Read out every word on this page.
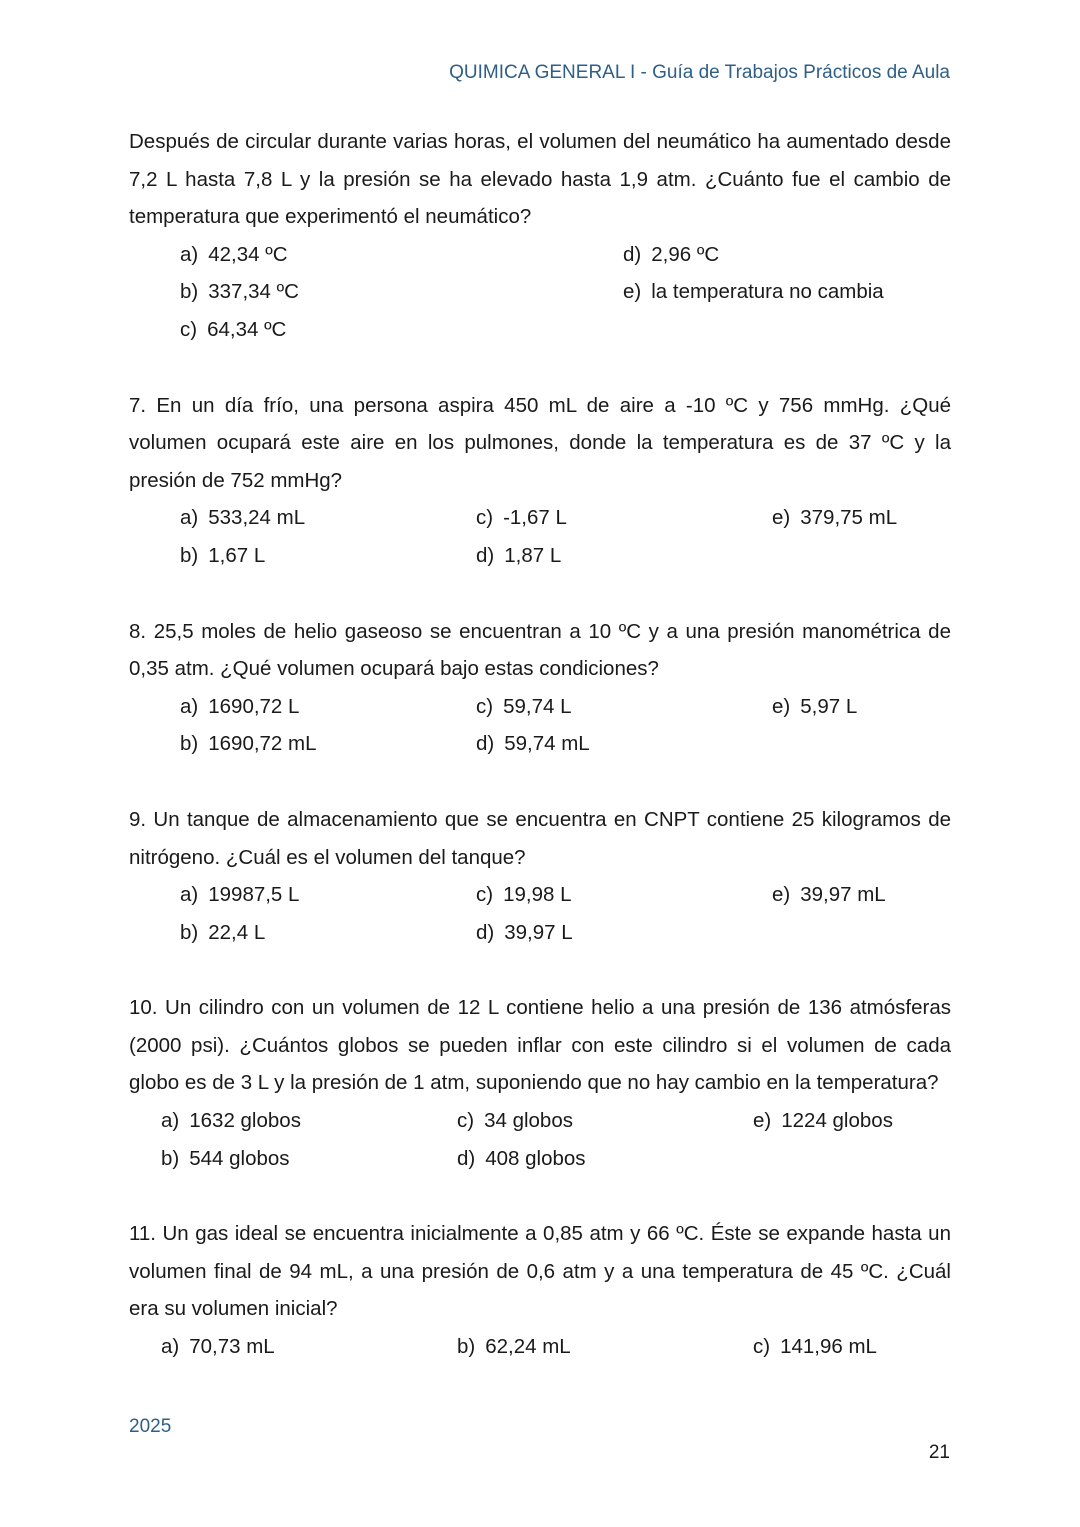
QUIMICA GENERAL I - Guía de Trabajos Prácticos de Aula

Después de circular durante varias horas, el volumen del neumático ha aumentado desde 7,2 L hasta 7,8 L y la presión se ha elevado hasta 1,9 atm. ¿Cuánto fue el cambio de temperatura que experimentó el neumático?

a) 42,34 ºC
b) 337,34 ºC
c) 64,34 ºC
d) 2,96 ºC
e) la temperatura no cambia

7. En un día frío, una persona aspira 450 mL de aire a -10 ºC y 756 mmHg. ¿Qué volumen ocupará este aire en los pulmones, donde la temperatura es de 37 ºC y la presión de 752 mmHg?

a) 533,24 mL
b) 1,67 L
c) -1,67 L
d) 1,87 L
e) 379,75 mL

8. 25,5 moles de helio gaseoso se encuentran a 10 ºC y a una presión manométrica de 0,35 atm. ¿Qué volumen ocupará bajo estas condiciones?

a) 1690,72 L
b) 1690,72 mL
c) 59,74 L
d) 59,74 mL
e) 5,97 L

9. Un tanque de almacenamiento que se encuentra en CNPT contiene 25 kilogramos de nitrógeno. ¿Cuál es el volumen del tanque?

a) 19987,5 L
b) 22,4 L
c) 19,98 L
d) 39,97 L
e) 39,97 mL

10. Un cilindro con un volumen de 12 L contiene helio a una presión de 136 atmósferas (2000 psi). ¿Cuántos globos se pueden inflar con este cilindro si el volumen de cada globo es de 3 L y la presión de 1 atm, suponiendo que no hay cambio en la temperatura?

a) 1632 globos
b) 544 globos
c) 34 globos
d) 408 globos
e) 1224 globos

11. Un gas ideal se encuentra inicialmente a 0,85 atm y 66 ºC. Éste se expande hasta un volumen final de 94 mL, a una presión de 0,6 atm y a una temperatura de 45 ºC. ¿Cuál era su volumen inicial?

a) 70,73 mL	b) 62,24 mL	c) 141,96 mL
2025
21
